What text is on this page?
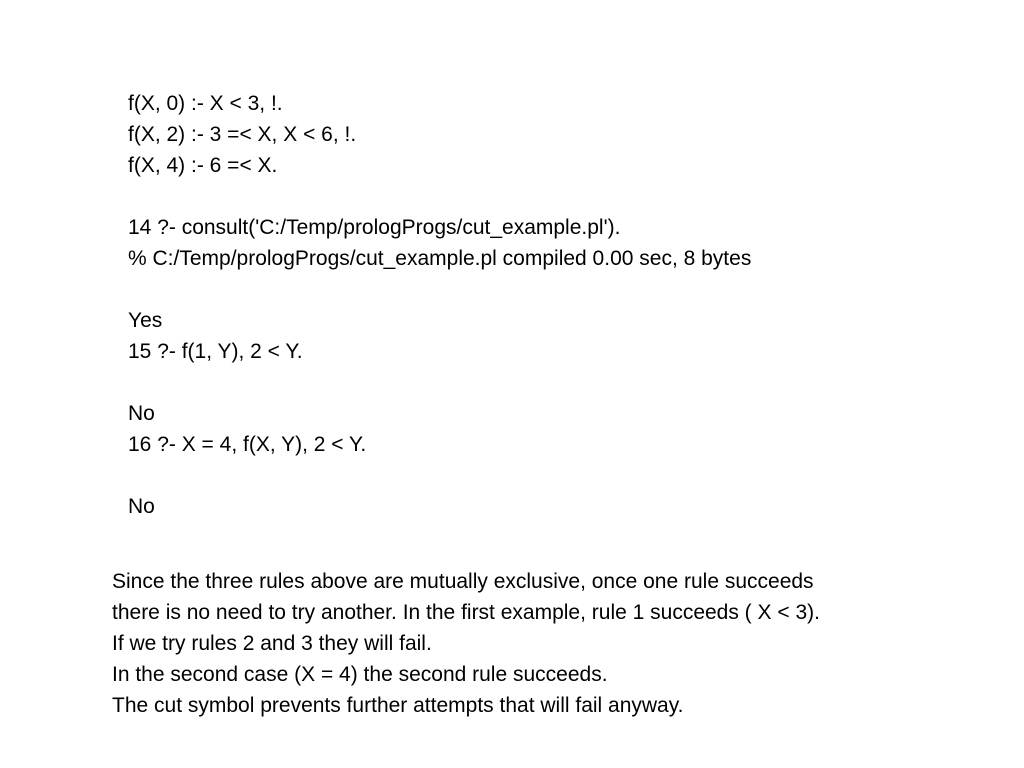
f(X, 0) :- X < 3, !.
f(X, 2) :- 3 =< X, X < 6, !.
f(X, 4) :- 6 =< X.
14 ?- consult('C:/Temp/prologProgs/cut_example.pl').
% C:/Temp/prologProgs/cut_example.pl compiled 0.00 sec, 8 bytes
Yes
15 ?- f(1, Y), 2 < Y.
No
16 ?- X = 4, f(X, Y), 2 < Y.
No
Since the three rules above are mutually exclusive, once one rule succeeds
there is no need to try another. In the first example, rule 1 succeeds ( X < 3).
If we try rules 2 and 3 they will fail.
In the second case (X = 4) the second rule succeeds.
The cut symbol prevents further attempts that will fail anyway.
